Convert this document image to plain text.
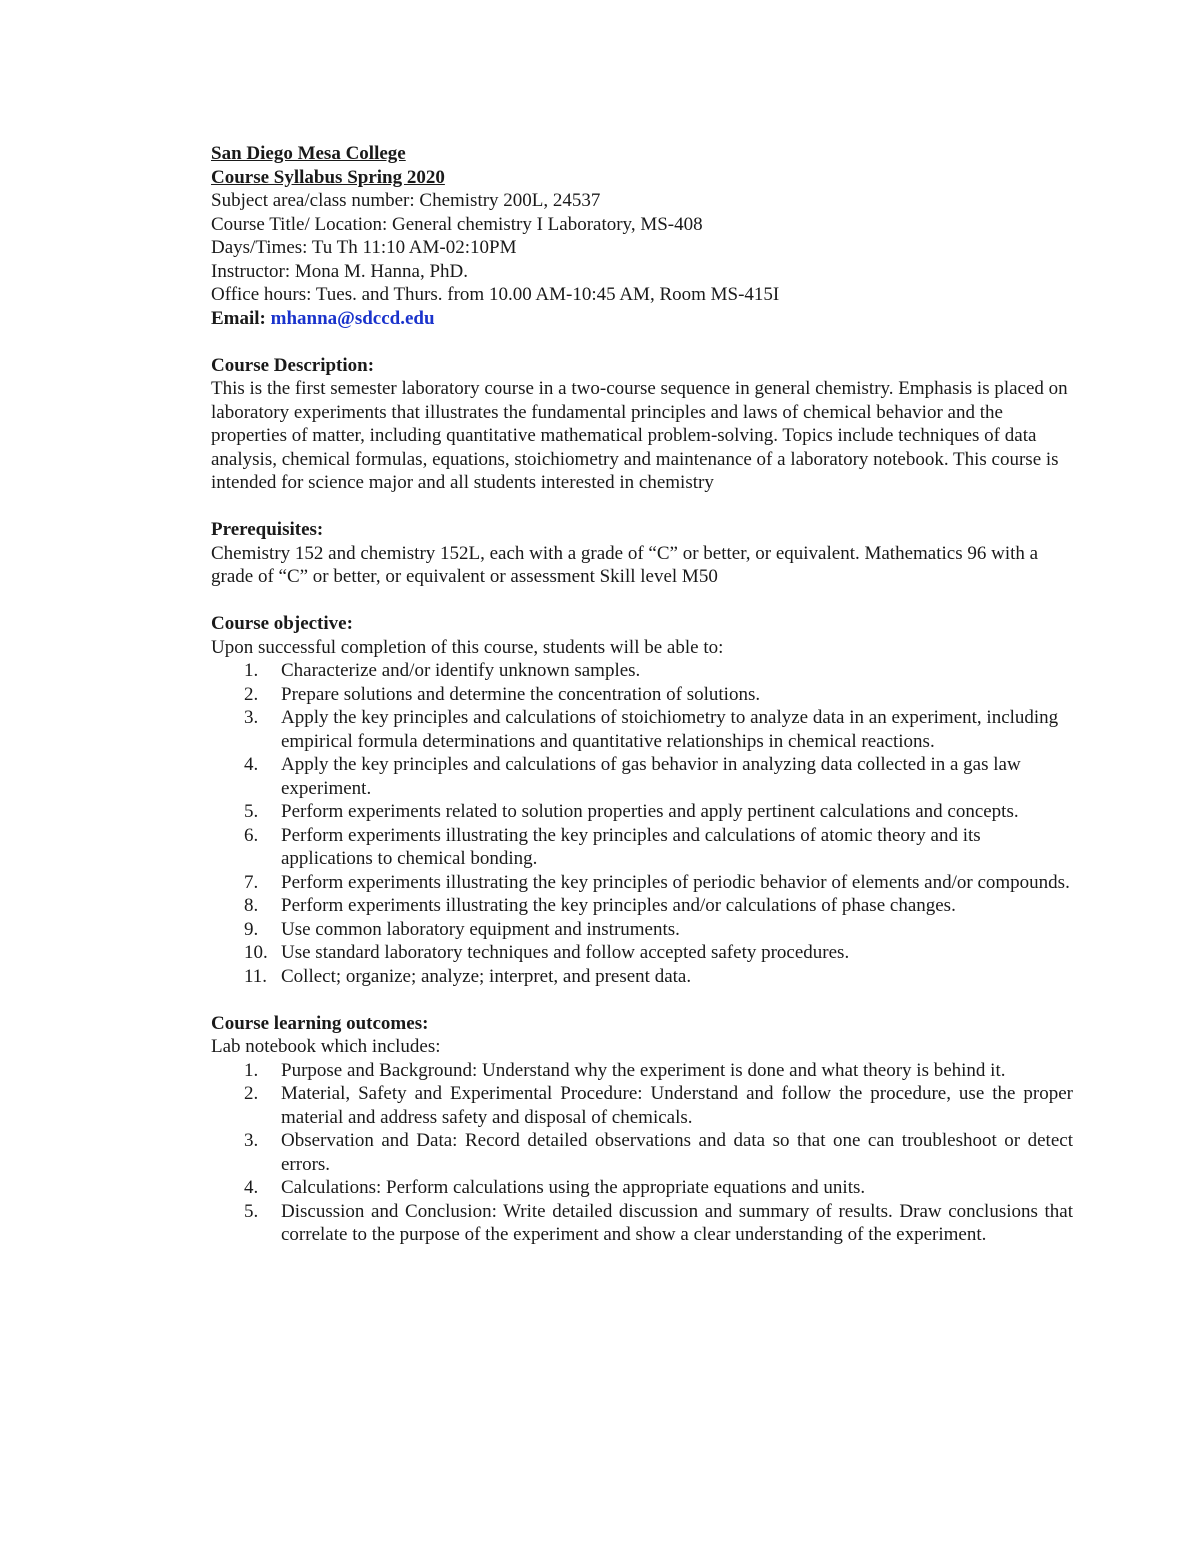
San Diego Mesa College

Course Syllabus Spring 2020

Subject area/class number: Chemistry 200L, 24537

Course Title/ Location: General chemistry I Laboratory, MS-408

Days/Times: Tu Th 11:10 AM-02:10PM

Instructor: Mona M. Hanna, PhD.

Office hours: Tues. and Thurs. from 10.00 AM-10:45 AM, Room MS-415I

Email: mhanna@sdccd.edu

Course Description:

This is the first semester laboratory course in a two-course sequence in general chemistry. Emphasis is placed on laboratory experiments that illustrates the fundamental principles and laws of chemical behavior and the properties of matter, including quantitative mathematical problem-solving. Topics include techniques of data analysis, chemical formulas, equations, stoichiometry and maintenance of a laboratory notebook. This course is intended for science major and all students interested in chemistry

Prerequisites:

Chemistry 152 and chemistry 152L, each with a grade of “C” or better, or equivalent. Mathematics 96 with a grade of “C” or better, or equivalent or assessment Skill level M50

Course objective:

Upon successful completion of this course, students will be able to:

1. Characterize and/or identify unknown samples.
2. Prepare solutions and determine the concentration of solutions.
3. Apply the key principles and calculations of stoichiometry to analyze data in an experiment, including empirical formula determinations and quantitative relationships in chemical reactions.
4. Apply the key principles and calculations of gas behavior in analyzing data collected in a gas law experiment.
5. Perform experiments related to solution properties and apply pertinent calculations and concepts.
6. Perform experiments illustrating the key principles and calculations of atomic theory and its applications to chemical bonding.
7. Perform experiments illustrating the key principles of periodic behavior of elements and/or compounds.
8. Perform experiments illustrating the key principles and/or calculations of phase changes.
9. Use common laboratory equipment and instruments.
10. Use standard laboratory techniques and follow accepted safety procedures.
11. Collect; organize; analyze; interpret, and present data.

Course learning outcomes:

Lab notebook which includes:

1. Purpose and Background: Understand why the experiment is done and what theory is behind it.
2. Material, Safety and Experimental Procedure: Understand and follow the procedure, use the proper material and address safety and disposal of chemicals.
3. Observation and Data: Record detailed observations and data so that one can troubleshoot or detect errors.
4. Calculations: Perform calculations using the appropriate equations and units.
5. Discussion and Conclusion: Write detailed discussion and summary of results. Draw conclusions that correlate to the purpose of the experiment and show a clear understanding of the experiment.
